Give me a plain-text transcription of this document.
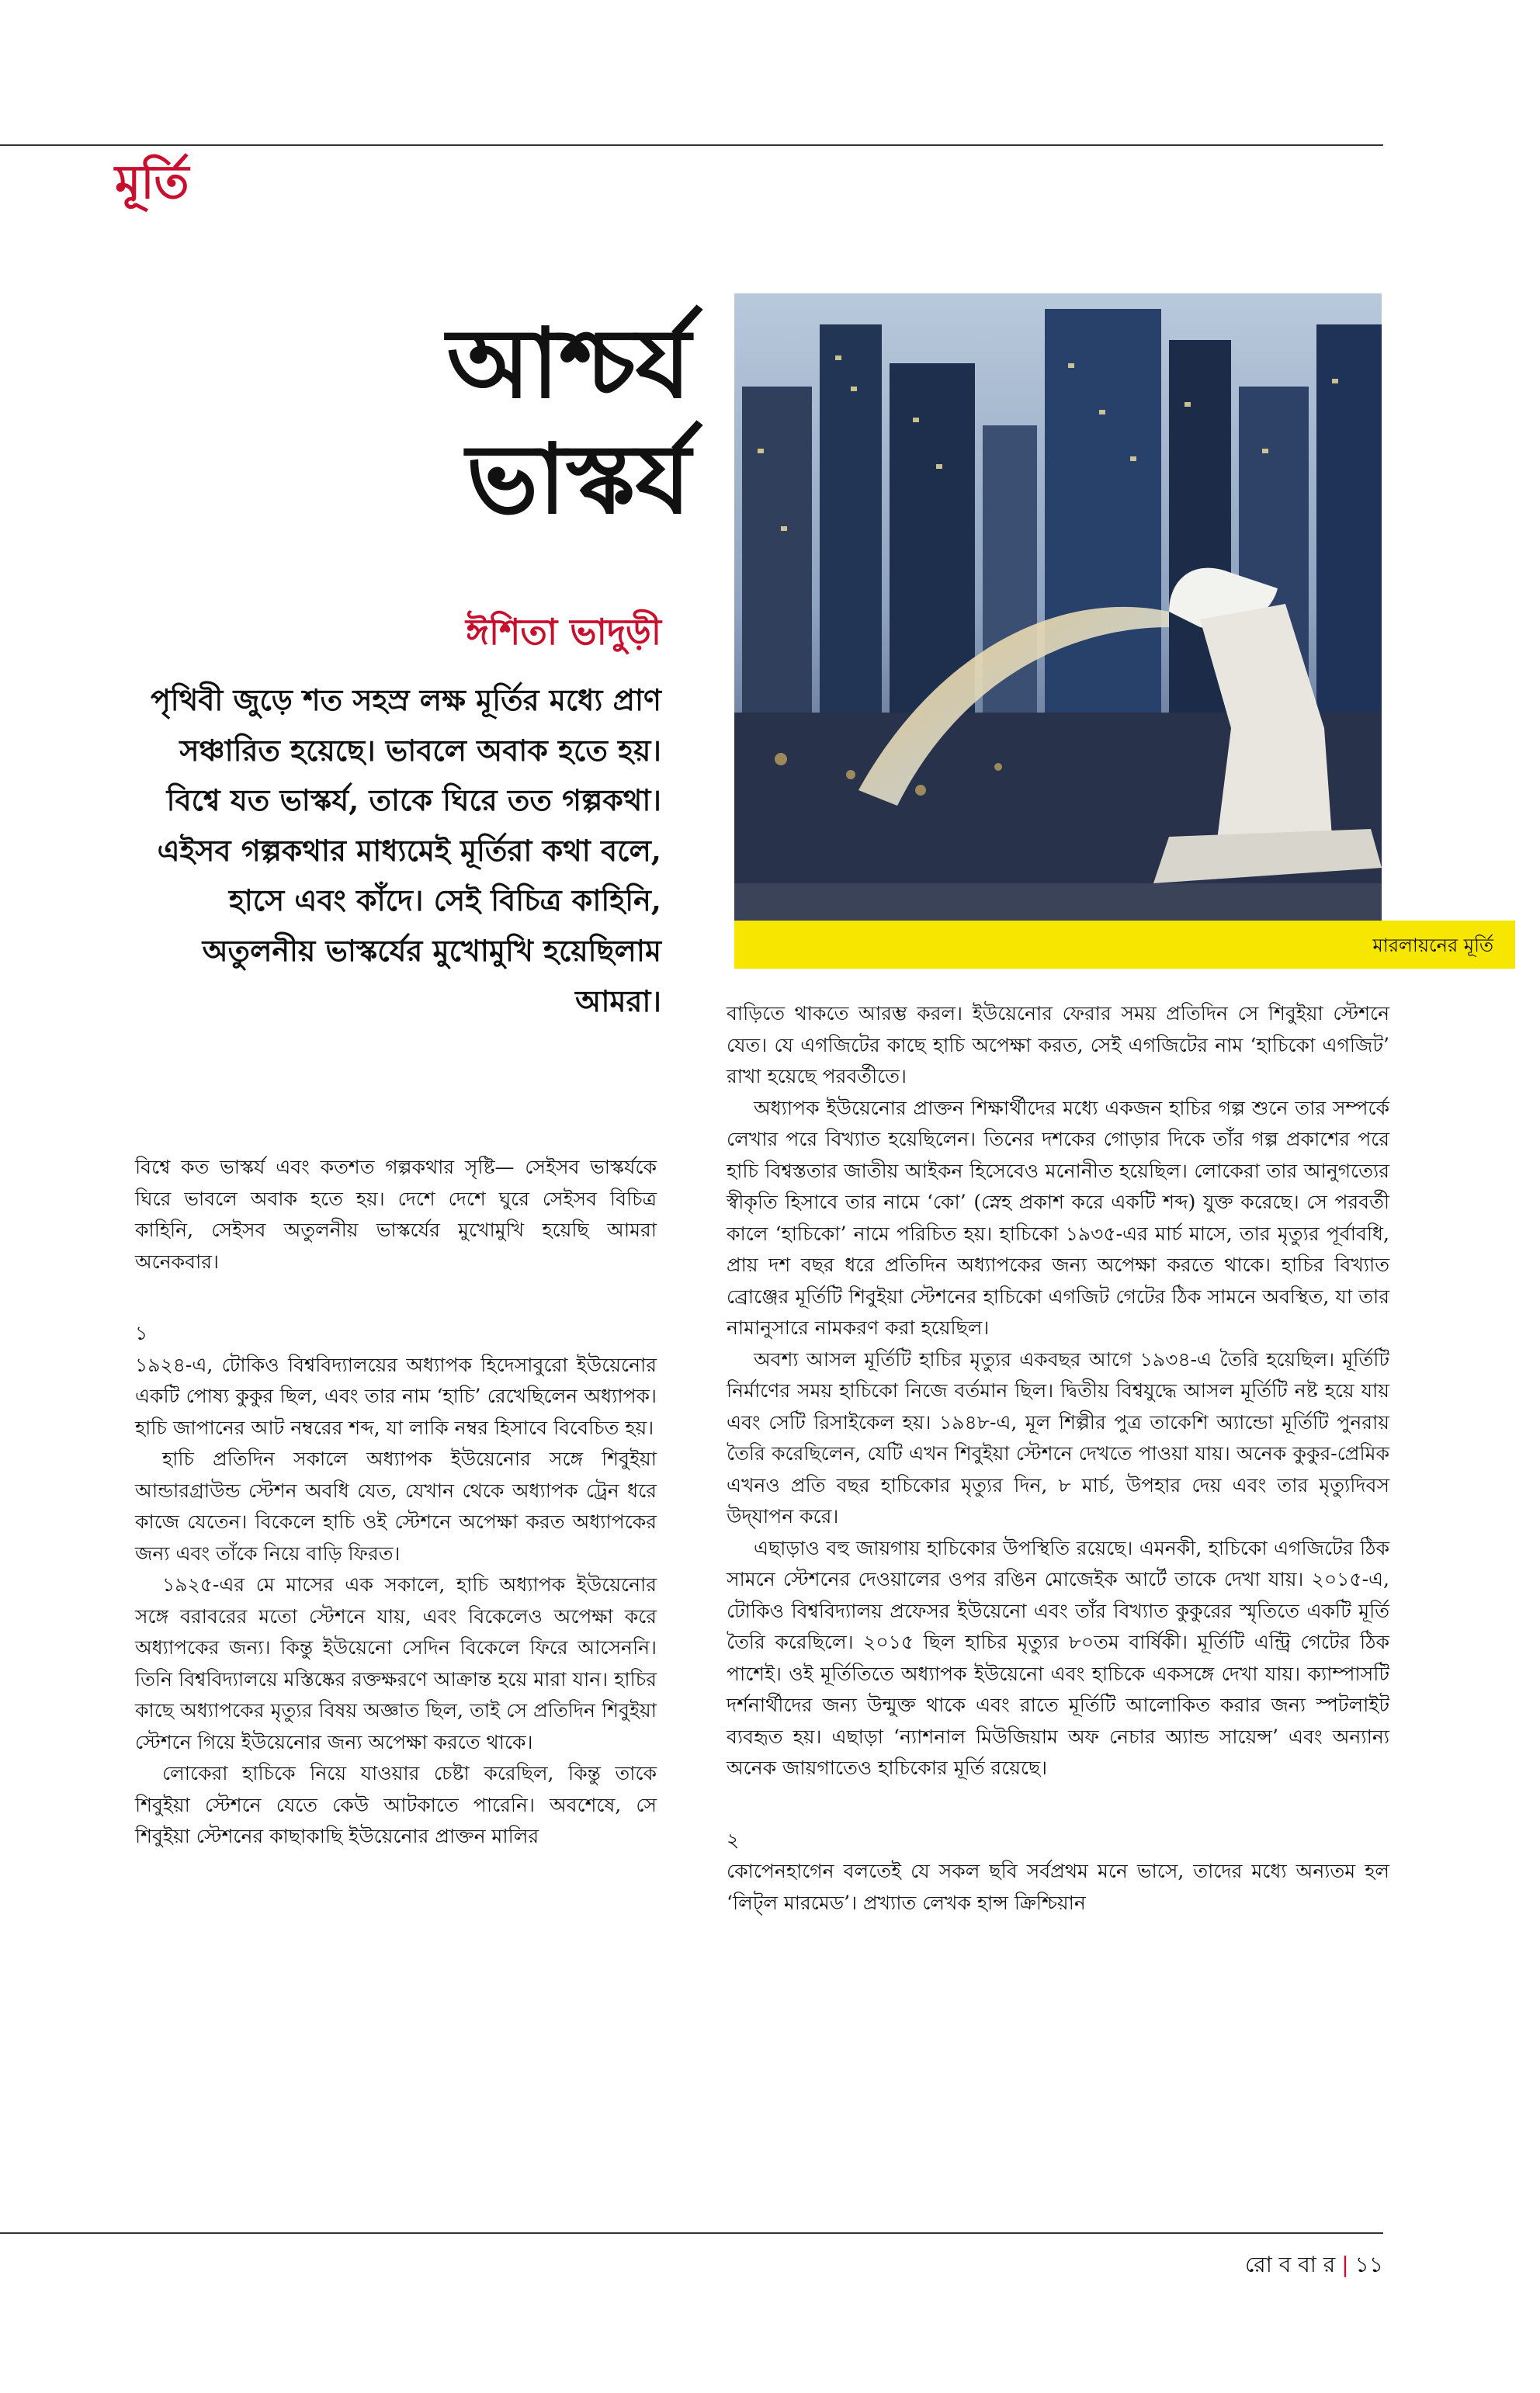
মূর্তি
আশ্চর্য
ভাস্কর্য
ঈশিতা ভাদুড়ী
পৃথিবী জুড়ে শত সহস্র লক্ষ মূর্তির মধ্যে প্রাণ সঞ্চারিত হয়েছে। ভাবলে অবাক হতে হয়। বিশ্বে যত ভাস্কর্য, তাকে ঘিরে তত গল্পকথা। এইসব গল্পকথার মাধ্যমেই মূর্তিরা কথা বলে, হাসে এবং কাঁদে। সেই বিচিত্র কাহিনি, অতুলনীয় ভাস্কর্যের মুখোমুখি হয়েছিলাম আমরা।
মারলায়নের মূর্তি

বিশ্বে কত ভাস্কর্য এবং কতশত গল্পকথার সৃষ্টি— সেইসব ভাস্কর্যকে ঘিরে ভাবলে অবাক হতে হয়। দেশে দেশে ঘুরে সেইসব বিচিত্র কাহিনি, সেইসব অতুলনীয় ভাস্কর্যের মুখোমুখি হয়েছি আমরা অনেকবার।

১

১৯২৪-এ, টোকিও বিশ্ববিদ্যালয়ের অধ্যাপক হিদেসাবুরো ইউয়েনোর একটি পোষ্য কুকুর ছিল, এবং তার নাম ‘হাচি’ রেখেছিলেন অধ্যাপক। হাচি জাপানের আট নম্বরের শব্দ, যা লাকি নম্বর হিসাবে বিবেচিত হয়।

হাচি প্রতিদিন সকালে অধ্যাপক ইউয়েনোর সঙ্গে শিবুইয়া আন্ডারগ্রাউন্ড স্টেশন অবধি যেত, যেখান থেকে অধ্যাপক ট্রেন ধরে কাজে যেতেন। বিকেলে হাচি ওই স্টেশনে অপেক্ষা করত অধ্যাপকের জন্য এবং তাঁকে নিয়ে বাড়ি ফিরত।

১৯২৫-এর মে মাসের এক সকালে, হাচি অধ্যাপক ইউয়েনোর সঙ্গে বরাবরের মতো স্টেশনে যায়, এবং বিকেলেও অপেক্ষা করে অধ্যাপকের জন্য। কিন্তু ইউয়েনো সেদিন বিকেলে ফিরে আসেননি। তিনি বিশ্ববিদ্যালয়ে মস্তিষ্কের রক্তক্ষরণে আক্রান্ত হয়ে মারা যান। হাচির কাছে অধ্যাপকের মৃত্যুর বিষয় অজ্ঞাত ছিল, তাই সে প্রতিদিন শিবুইয়া স্টেশনে গিয়ে ইউয়েনোর জন্য অপেক্ষা করতে থাকে।

লোকেরা হাচিকে নিয়ে যাওয়ার চেষ্টা করেছিল, কিন্তু তাকে শিবুইয়া স্টেশনে যেতে কেউ আটকাতে পারেনি। অবশেষে, সে শিবুইয়া স্টেশনের কাছাকাছি ইউয়েনোর প্রাক্তন মালির

বাড়িতে থাকতে আরম্ভ করল। ইউয়েনোর ফেরার সময় প্রতিদিন সে শিবুইয়া স্টেশনে যেত। যে এগজিটের কাছে হাচি অপেক্ষা করত, সেই এগজিটের নাম ‘হাচিকো এগজিট’ রাখা হয়েছে পরবর্তীতে।

অধ্যাপক ইউয়েনোর প্রাক্তন শিক্ষার্থীদের মধ্যে একজন হাচির গল্প শুনে তার সম্পর্কে লেখার পরে বিখ্যাত হয়েছিলেন। তিনের দশকের গোড়ার দিকে তাঁর গল্প প্রকাশের পরে হাচি বিশ্বস্ততার জাতীয় আইকন হিসেবেও মনোনীত হয়েছিল। লোকেরা তার আনুগত্যের স্বীকৃতি হিসাবে তার নামে ‘কো’ (স্নেহ প্রকাশ করে একটি শব্দ) যুক্ত করেছে। সে পরবর্তী কালে ‘হাচিকো’ নামে পরিচিত হয়। হাচিকো ১৯৩৫-এর মার্চ মাসে, তার মৃত্যুর পূর্বাবধি, প্রায় দশ বছর ধরে প্রতিদিন অধ্যাপকের জন্য অপেক্ষা করতে থাকে। হাচির বিখ্যাত ব্রোঞ্জের মূর্তিটি শিবুইয়া স্টেশনের হাচিকো এগজিট গেটের ঠিক সামনে অবস্থিত, যা তার নামানুসারে নামকরণ করা হয়েছিল।

অবশ্য আসল মূর্তিটি হাচির মৃত্যুর একবছর আগে ১৯৩৪-এ তৈরি হয়েছিল। মূর্তিটি নির্মাণের সময় হাচিকো নিজে বর্তমান ছিল। দ্বিতীয় বিশ্বযুদ্ধে আসল মূর্তিটি নষ্ট হয়ে যায় এবং সেটি রিসাইকেল হয়। ১৯৪৮-এ, মূল শিল্পীর পুত্র তাকেশি অ্যান্ডো মূর্তিটি পুনরায় তৈরি করেছিলেন, যেটি এখন শিবুইয়া স্টেশনে দেখতে পাওয়া যায়। অনেক কুকুর-প্রেমিক এখনও প্রতি বছর হাচিকোর মৃত্যুর দিন, ৮ মার্চ, উপহার দেয় এবং তার মৃত্যুদিবস উদ্‌যাপন করে।

এছাড়াও বহু জায়গায় হাচিকোর উপস্থিতি রয়েছে। এমনকী, হাচিকো এগজিটের ঠিক সামনে স্টেশনের দেওয়ালের ওপর রঙিন মোজেইক আর্টে তাকে দেখা যায়। ২০১৫-এ, টোকিও বিশ্ববিদ্যালয় প্রফেসর ইউয়েনো এবং তাঁর বিখ্যাত কুকুরের স্মৃতিতে একটি মূর্তি তৈরি করেছিলে। ২০১৫ ছিল হাচির মৃত্যুর ৮০তম বার্ষিকী। মূর্তিটি এন্ট্রি গেটের ঠিক পাশেই। ওই মূর্তিতিতে অধ্যাপক ইউয়েনো এবং হাচিকে একসঙ্গে দেখা যায়। ক্যাম্পাসটি দর্শনার্থীদের জন্য উন্মুক্ত থাকে এবং রাতে মূর্তিটি আলোকিত করার জন্য স্পটলাইট ব্যবহৃত হয়। এছাড়া ‘ন্যাশনাল মিউজিয়াম অফ নেচার অ্যান্ড সায়েন্স’ এবং অন্যান্য অনেক জায়গাতেও হাচিকোর মূর্তি রয়েছে।

২

কোপেনহাগেন বলতেই যে সকল ছবি সর্বপ্রথম মনে ভাসে, তাদের মধ্যে অন্যতম হল ‘লিট্‌ল মারমেড’। প্রখ্যাত লেখক হান্স ক্রিশ্চিয়ান

রো ব বা র | ১১
